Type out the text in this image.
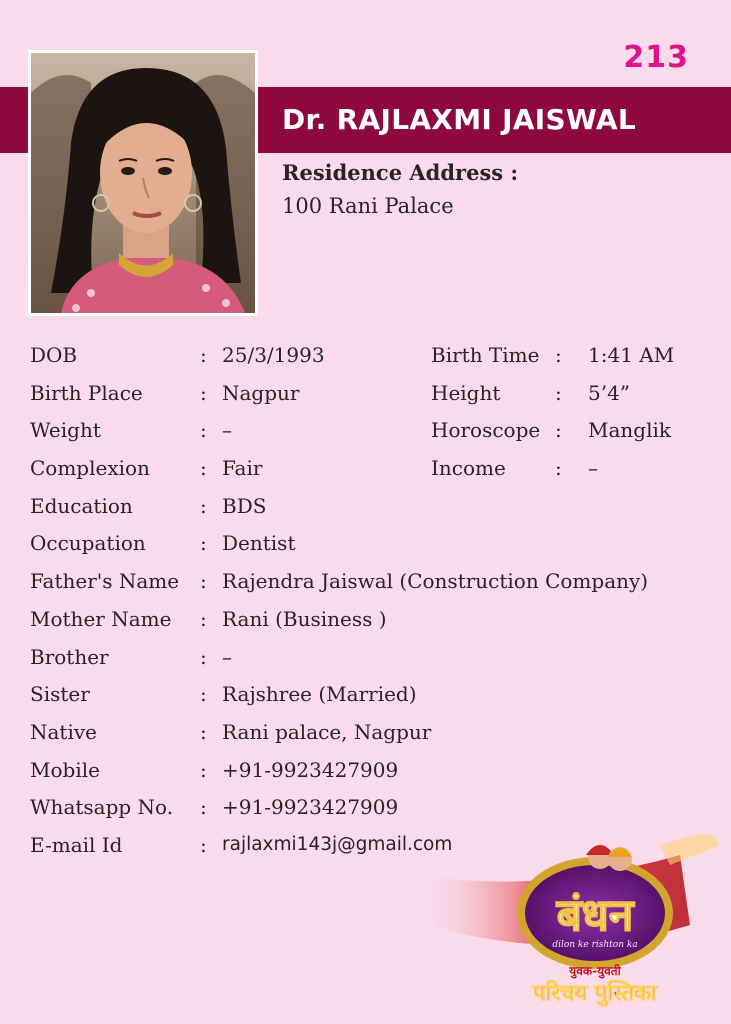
213
Dr. RAJLAXMI JAISWAL
Residence Address :
100 Rani Palace
DOB	: 25/3/1993	Birth Time : 1:41 AM
Birth Place	: Nagpur	Height	: 5’4”
Weight	: –	Horoscope : Manglik
Complexion	: Fair	Income : –
Education	: BDS
Occupation	: Dentist
Father's Name : Rajendra Jaiswal (Construction Company)
Mother Name : Rani (Business )
Brother	: –
Sister	: Rajshree (Married)
Native	: Rani palace, Nagpur
Mobile	: +91-9923427909
Whatsapp No. : +91-9923427909
E-mail Id	: rajlaxmi143j@gmail.com
बंधन
dilon ke rishton ka
युवक-युवती
परिचय पुस्तिका
